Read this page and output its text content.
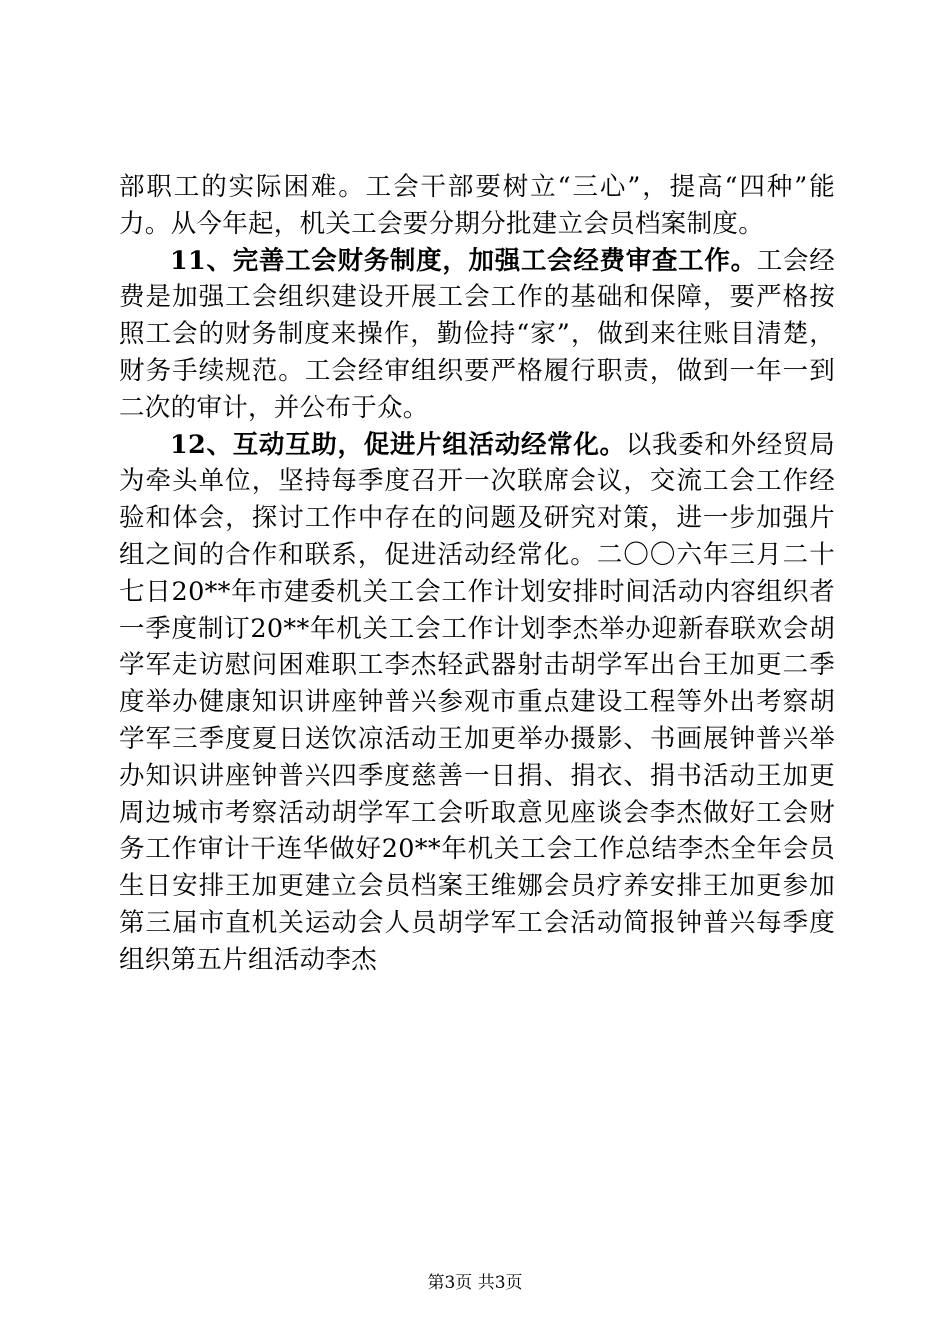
部职工的实际困难。工会干部要树立“三心”，提高“四种”能力。从今年起，机关工会要分期分批建立会员档案制度。

11、完善工会财务制度，加强工会经费审查工作。工会经费是加强工会组织建设开展工会工作的基础和保障，要严格按照工会的财务制度来操作，勤俭持“家”，做到来往账目清楚，财务手续规范。工会经审组织要严格履行职责，做到一年一到二次的审计，并公布于众。

12、互动互助，促进片组活动经常化。以我委和外经贸局为牵头单位，坚持每季度召开一次联席会议，交流工会工作经验和体会，探讨工作中存在的问题及研究对策，进一步加强片组之间的合作和联系，促进活动经常化。二〇〇六年三月二十七日20**年市建委机关工会工作计划安排时间活动内容组织者一季度制订20**年机关工会工作计划李杰举办迎新春联欢会胡学军走访慰问困难职工李杰轻武器射击胡学军出台王加更二季度举办健康知识讲座钟普兴参观市重点建设工程等外出考察胡学军三季度夏日送饮凉活动王加更举办摄影、书画展钟普兴举办知识讲座钟普兴四季度慈善一日捐、捐衣、捐书活动王加更周边城市考察活动胡学军工会听取意见座谈会李杰做好工会财务工作审计干连华做好20**年机关工会工作总结李杰全年会员生日安排王加更建立会员档案王维娜会员疗养安排王加更参加第三届市直机关运动会人员胡学军工会活动简报钟普兴每季度组织第五片组活动李杰

第3页 共3页
